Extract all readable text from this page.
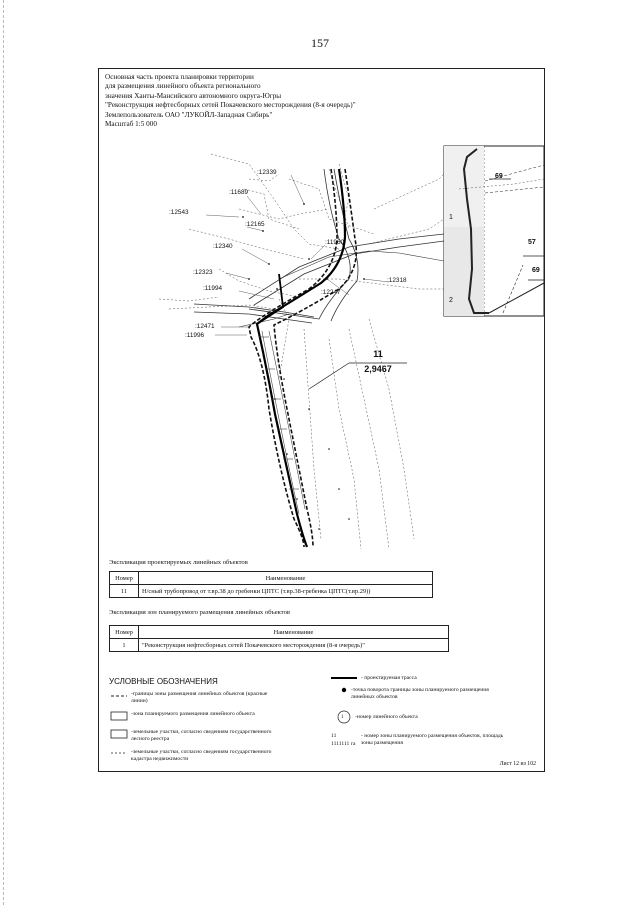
157
Основная часть проекта планировки территории
для размещения линейного объекта регионального
значения Ханты-Мансийского автономного округа-Югры
"Реконструкция нефтесборных сетей Покачевского месторождения (8-я очередь)"
Землепользователь ОАО "ЛУКОЙЛ-Западная Сибирь"
Масштаб 1:5 000
:12339
:11689
:12543
:12165
:12340
:11960
:12323
:11994
:12247
:12318
:12471
:11996
69
57
69
1
2
11
2,9467
Экспликация проектируемых линейных объектов
Номер	Наименование
11	Н/сный трубопровод от т.вр.38 до гребенки ЦПТС (т.вр.38-гребенка ЦПТС(т.вр.29))
Экспликация зон планируемого размещения линейных объектов
Номер	Наименование
1	"Реконструкция нефтесборных сетей Покачевского месторождения (8-я очередь)"
УСЛОВНЫЕ ОБОЗНАЧЕНИЯ
-границы зоны размещения линейных объектов (красные линии)
-зона планируемого размещения линейного объекта
-земельные участки, согласно сведениям государственного лесного реестра
-земельные участки, согласно сведениям государственного кадастра недвижимости
- проектируемая трасса
-точка поворота границы зоны планируемого размещения линейных объектов
1 -номер линейного объекта
11
1111111 га
- номер зоны планируемого размещения объектов, площадь зоны размещения
Лист 12 из 102
